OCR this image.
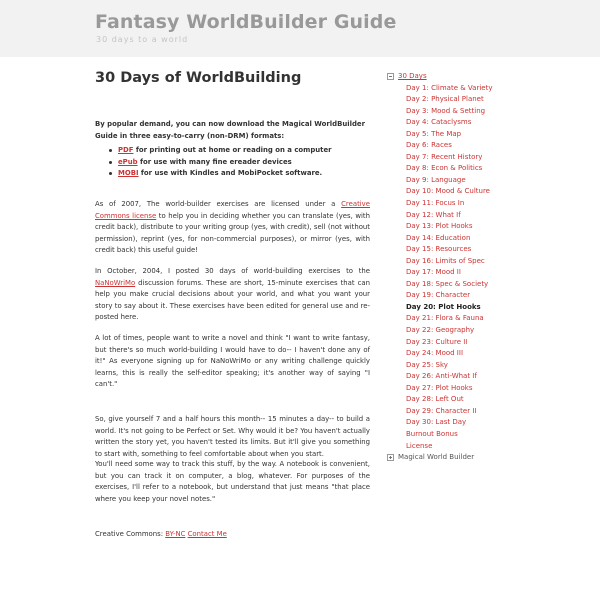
Fantasy WorldBuilder Guide
30 days to a world
30 Days of WorldBuilding
By popular demand, you can now download the Magical WorldBuilder Guide in three easy-to-carry (non-DRM) formats:
PDF for printing out at home or reading on a computer
ePub for use with many fine ereader devices
MOBI for use with Kindles and MobiPocket software.
As of 2007, The world-builder exercises are licensed under a Creative Commons license to help you in deciding whether you can translate (yes, with credit back), distribute to your writing group (yes, with credit), sell (not without permission), reprint (yes, for non-commercial purposes), or mirror (yes, with credit back) this useful guide!
In October, 2004, I posted 30 days of world-building exercises to the NaNoWriMo discussion forums. These are short, 15-minute exercises that can help you make crucial decisions about your world, and what you want your story to say about it. These exercises have been edited for general use and re-posted here.
A lot of times, people want to write a novel and think "I want to write fantasy, but there's so much world-building I would have to do-- I haven't done any of it!" As everyone signing up for NaNoWriMo or any writing challenge quickly learns, this is really the self-editor speaking; it's another way of saying "I can't."
So, give yourself 7 and a half hours this month-- 15 minutes a day-- to build a world. It's not going to be Perfect or Set. Why would it be? You haven't actually written the story yet, you haven't tested its limits. But it'll give you something to start with, something to feel comfortable about when you start.
You'll need some way to track this stuff, by the way. A notebook is convenient, but you can track it on computer, a blog, whatever. For purposes of the exercises, I'll refer to a notebook, but understand that just means "that place where you keep your novel notes."
Creative Commons: BY-NC Contact Me
30 Days
Day 1: Climate & Variety
Day 2: Physical Planet
Day 3: Mood & Setting
Day 4: Cataclysms
Day 5: The Map
Day 6: Races
Day 7: Recent History
Day 8: Econ & Politics
Day 9: Language
Day 10: Mood & Culture
Day 11: Focus In
Day 12: What If
Day 13: Plot Hooks
Day 14: Education
Day 15: Resources
Day 16: Limits of Spec
Day 17: Mood II
Day 18: Spec & Society
Day 19: Character
Day 20: Plot Hooks
Day 21: Flora & Fauna
Day 22: Geography
Day 23: Culture II
Day 24: Mood III
Day 25: Sky
Day 26: Anti-What If
Day 27: Plot Hooks
Day 28: Left Out
Day 29: Character II
Day 30: Last Day
Burnout Bonus
License
Magical World Builder
